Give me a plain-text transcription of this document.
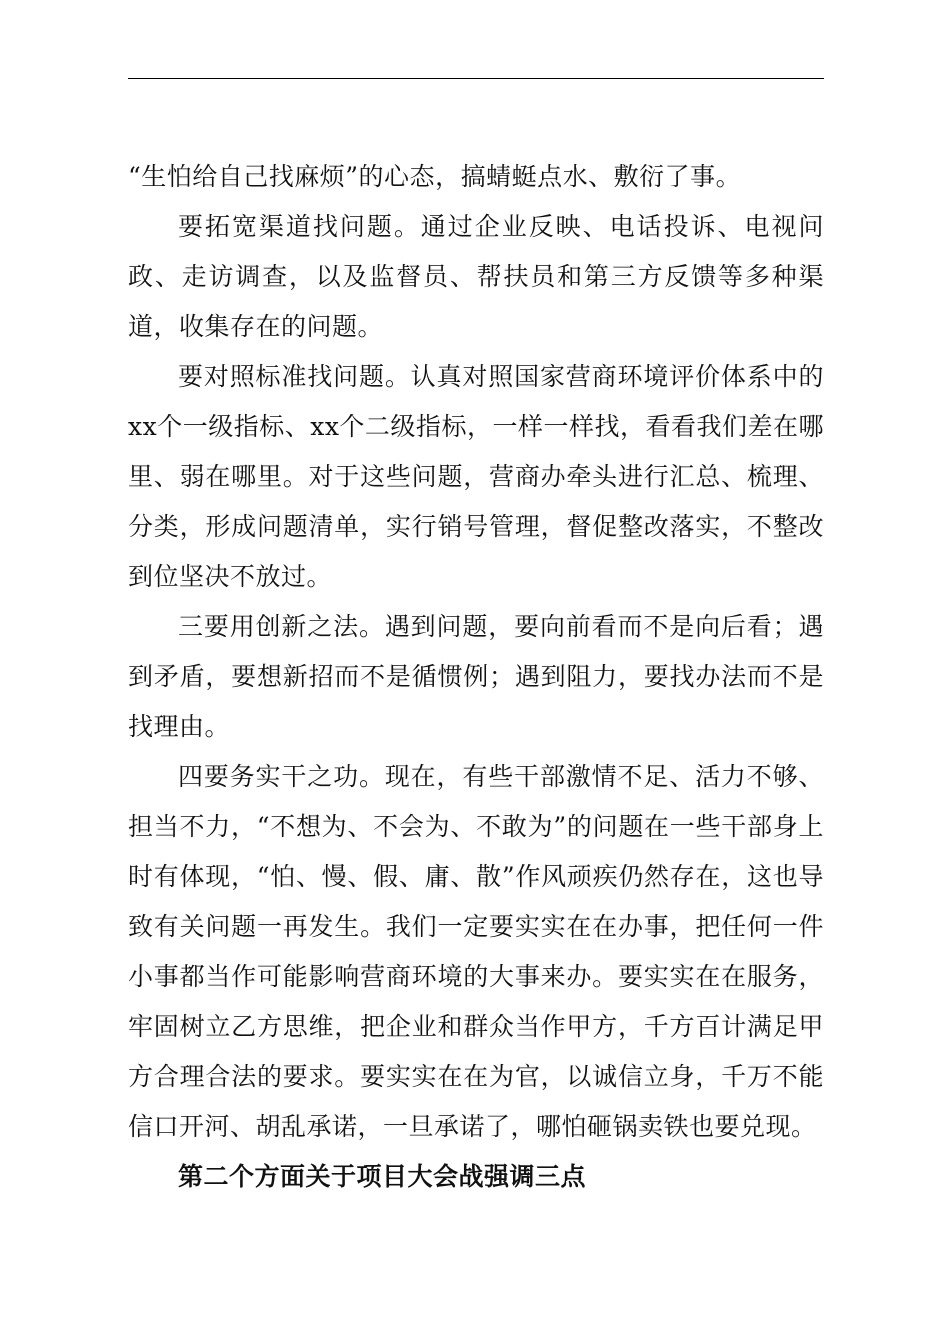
“生怕给自己找麻烦”的心态，搞蜻蜓点水、敷衍了事。

要拓宽渠道找问题。通过企业反映、电话投诉、电视问政、走访调查，以及监督员、帮扶员和第三方反馈等多种渠道，收集存在的问题。

要对照标准找问题。认真对照国家营商环境评价体系中的xx个一级指标、xx个二级指标，一样一样找，看看我们差在哪里、弱在哪里。对于这些问题，营商办牵头进行汇总、梳理、分类，形成问题清单，实行销号管理，督促整改落实，不整改到位坚决不放过。

三要用创新之法。遇到问题，要向前看而不是向后看；遇到矛盾，要想新招而不是循惯例；遇到阻力，要找办法而不是找理由。

四要务实干之功。现在，有些干部激情不足、活力不够、担当不力，“不想为、不会为、不敢为”的问题在一些干部身上时有体现，“怕、慢、假、庸、散”作风顽疾仍然存在，这也导致有关问题一再发生。我们一定要实实在在办事，把任何一件小事都当作可能影响营商环境的大事来办。要实实在在服务，牢固树立乙方思维，把企业和群众当作甲方，千方百计满足甲方合理合法的要求。要实实在在为官，以诚信立身，千万不能信口开河、胡乱承诺，一旦承诺了，哪怕砸锅卖铁也要兑现。

第二个方面关于项目大会战强调三点
